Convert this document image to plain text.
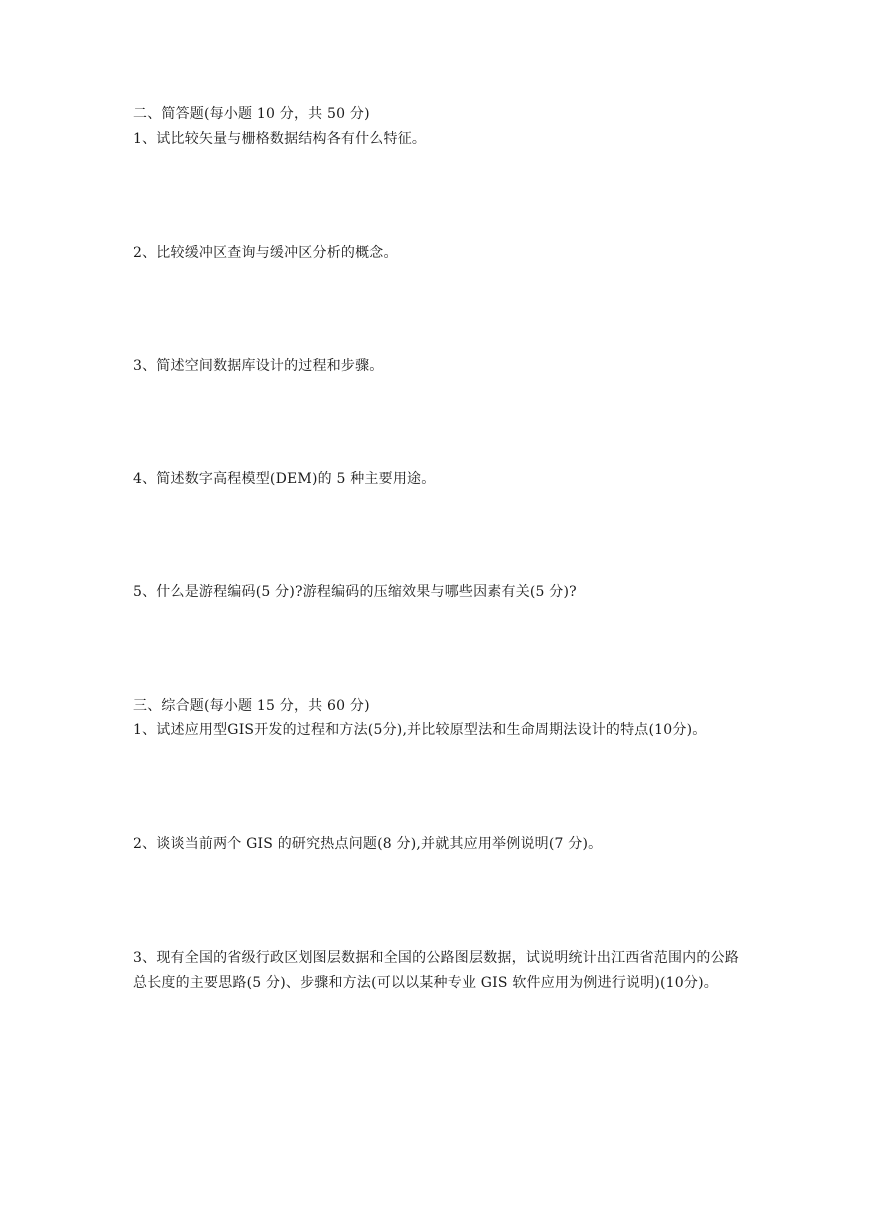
二、简答题(每小题 10 分，共 50 分)
1、试比较矢量与栅格数据结构各有什么特征。
2、比较缓冲区查询与缓冲区分析的概念。
3、简述空间数据库设计的过程和步骤。
4、简述数字高程模型(DEM)的 5 种主要用途。
5、什么是游程编码(5 分)?游程编码的压缩效果与哪些因素有关(5 分)?
三、综合题(每小题 15 分，共 60 分)
1、试述应用型GIS开发的过程和方法(5分),并比较原型法和生命周期法设计的特点(10分)。
2、谈谈当前两个 GIS 的研究热点问题(8 分),并就其应用举例说明(7 分)。
3、现有全国的省级行政区划图层数据和全国的公路图层数据，试说明统计出江西省范围内的公路总长度的主要思路(5 分)、步骤和方法(可以以某种专业 GIS 软件应用为例进行说明)(10分)。
